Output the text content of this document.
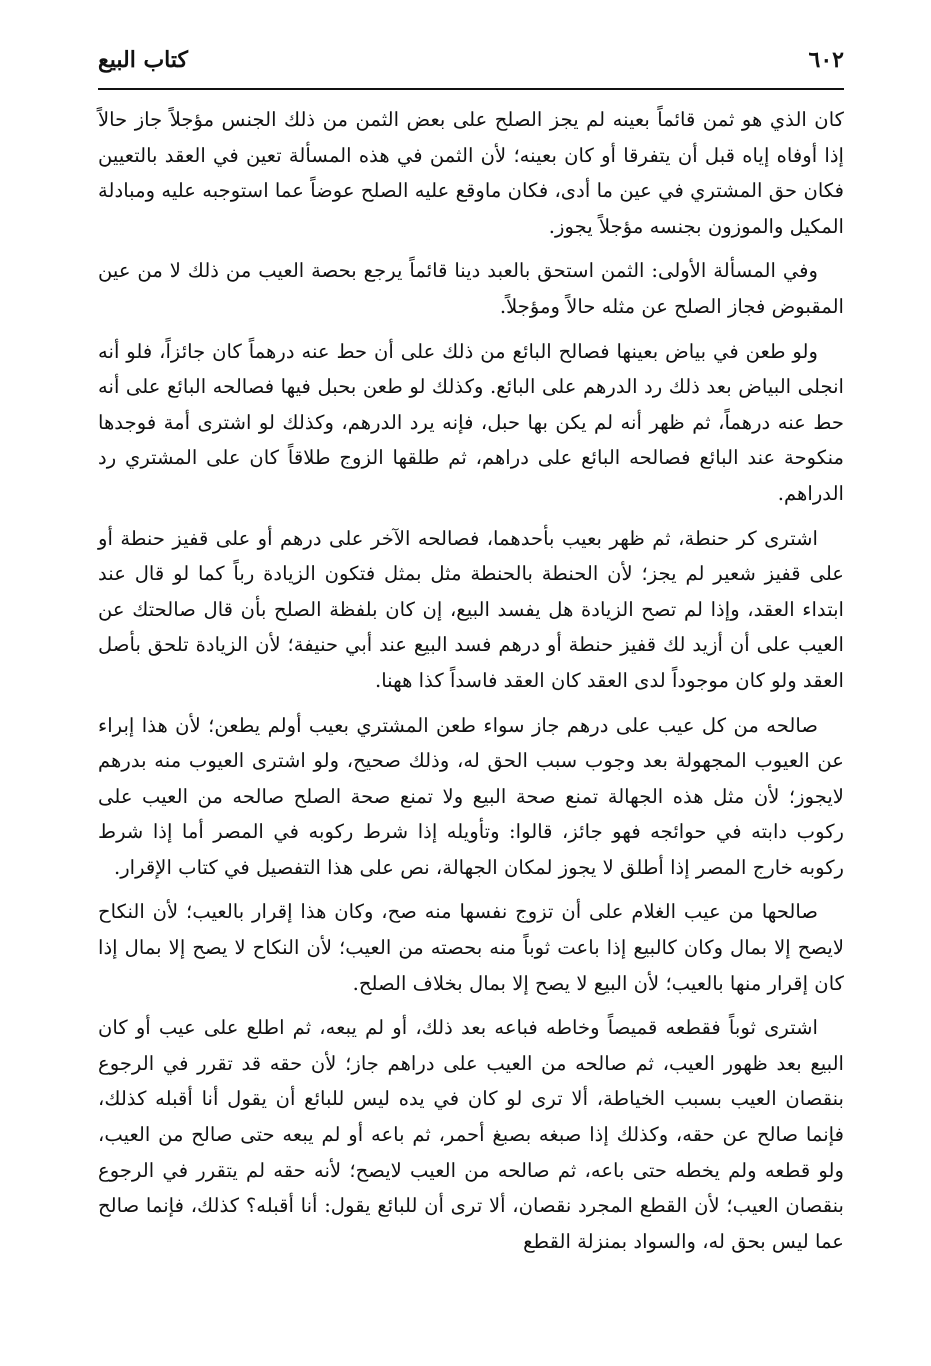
٦٠٢
كتاب البيع

كان الذي هو ثمن قائماً بعينه لم يجز الصلح على بعض الثمن من ذلك الجنس مؤجلاً جاز حالاً إذا أوفاه إياه قبل أن يتفرقا أو كان بعينه؛ لأن الثمن في هذه المسألة تعين في العقد بالتعيين فكان حق المشتري في عين ما أدى، فكان ماوقع عليه الصلح عوضاً عما استوجبه عليه ومبادلة المكيل والموزون بجنسه مؤجلاً يجوز.

وفي المسألة الأولى: الثمن استحق بالعبد دينا قائماً يرجع بحصة العيب من ذلك لا من عين المقبوض فجاز الصلح عن مثله حالاً ومؤجلاً.

ولو طعن في بياض بعينها فصالح البائع من ذلك على أن حط عنه درهماً كان جائزاً، فلو أنه انجلى البياض بعد ذلك رد الدرهم على البائع. وكذلك لو طعن بحبل فيها فصالحه البائع على أنه حط عنه درهماً، ثم ظهر أنه لم يكن بها حبل، فإنه يرد الدرهم، وكذلك لو اشترى أمة فوجدها منكوحة عند البائع فصالحه البائع على دراهم، ثم طلقها الزوج طلاقاً كان على المشتري رد الدراهم.

اشترى كر حنطة، ثم ظهر بعيب بأحدهما، فصالحه الآخر على درهم أو على قفيز حنطة أو على قفيز شعير لم يجز؛ لأن الحنطة بالحنطة مثل بمثل فتكون الزيادة رباً كما لو قال عند ابتداء العقد، وإذا لم تصح الزيادة هل يفسد البيع، إن كان بلفظة الصلح بأن قال صالحتك عن العيب على أن أزيد لك قفيز حنطة أو درهم فسد البيع عند أبي حنيفة؛ لأن الزيادة تلحق بأصل العقد ولو كان موجوداً لدى العقد كان العقد فاسداً كذا ههنا.

صالحه من كل عيب على درهم جاز سواء طعن المشتري بعيب أولم يطعن؛ لأن هذا إبراء عن العيوب المجهولة بعد وجوب سبب الحق له، وذلك صحيح، ولو اشترى العيوب منه بدرهم لايجوز؛ لأن مثل هذه الجهالة تمنع صحة البيع ولا تمنع صحة الصلح صالحه من العيب على ركوب دابته في حوائجه فهو جائز، قالوا: وتأويله إذا شرط ركوبه في المصر أما إذا شرط ركوبه خارج المصر إذا أطلق لا يجوز لمكان الجهالة، نص على هذا التفصيل في كتاب الإقرار.

صالحها من عيب الغلام على أن تزوج نفسها منه صح، وكان هذا إقرار بالعيب؛ لأن النكاح لايصح إلا بمال وكان كالبيع إذا باعت ثوباً منه بحصته من العيب؛ لأن النكاح لا يصح إلا بمال إذا كان إقرار منها بالعيب؛ لأن البيع لا يصح إلا بمال بخلاف الصلح.

اشترى ثوباً فقطعه قميصاً وخاطه فباعه بعد ذلك، أو لم يبعه، ثم اطلع على عيب أو كان البيع بعد ظهور العيب، ثم صالحه من العيب على دراهم جاز؛ لأن حقه قد تقرر في الرجوع بنقصان العيب بسبب الخياطة، ألا ترى لو كان في يده ليس للبائع أن يقول أنا أقبله كذلك، فإنما صالح عن حقه، وكذلك إذا صبغه بصبغ أحمر، ثم باعه أو لم يبعه حتى صالح من العيب، ولو قطعه ولم يخطه حتى باعه، ثم صالحه من العيب لايصح؛ لأنه حقه لم يتقرر في الرجوع بنقصان العيب؛ لأن القطع المجرد نقصان، ألا ترى أن للبائع يقول: أنا أقبله؟ كذلك، فإنما صالح عما ليس بحق له، والسواد بمنزلة القطع
